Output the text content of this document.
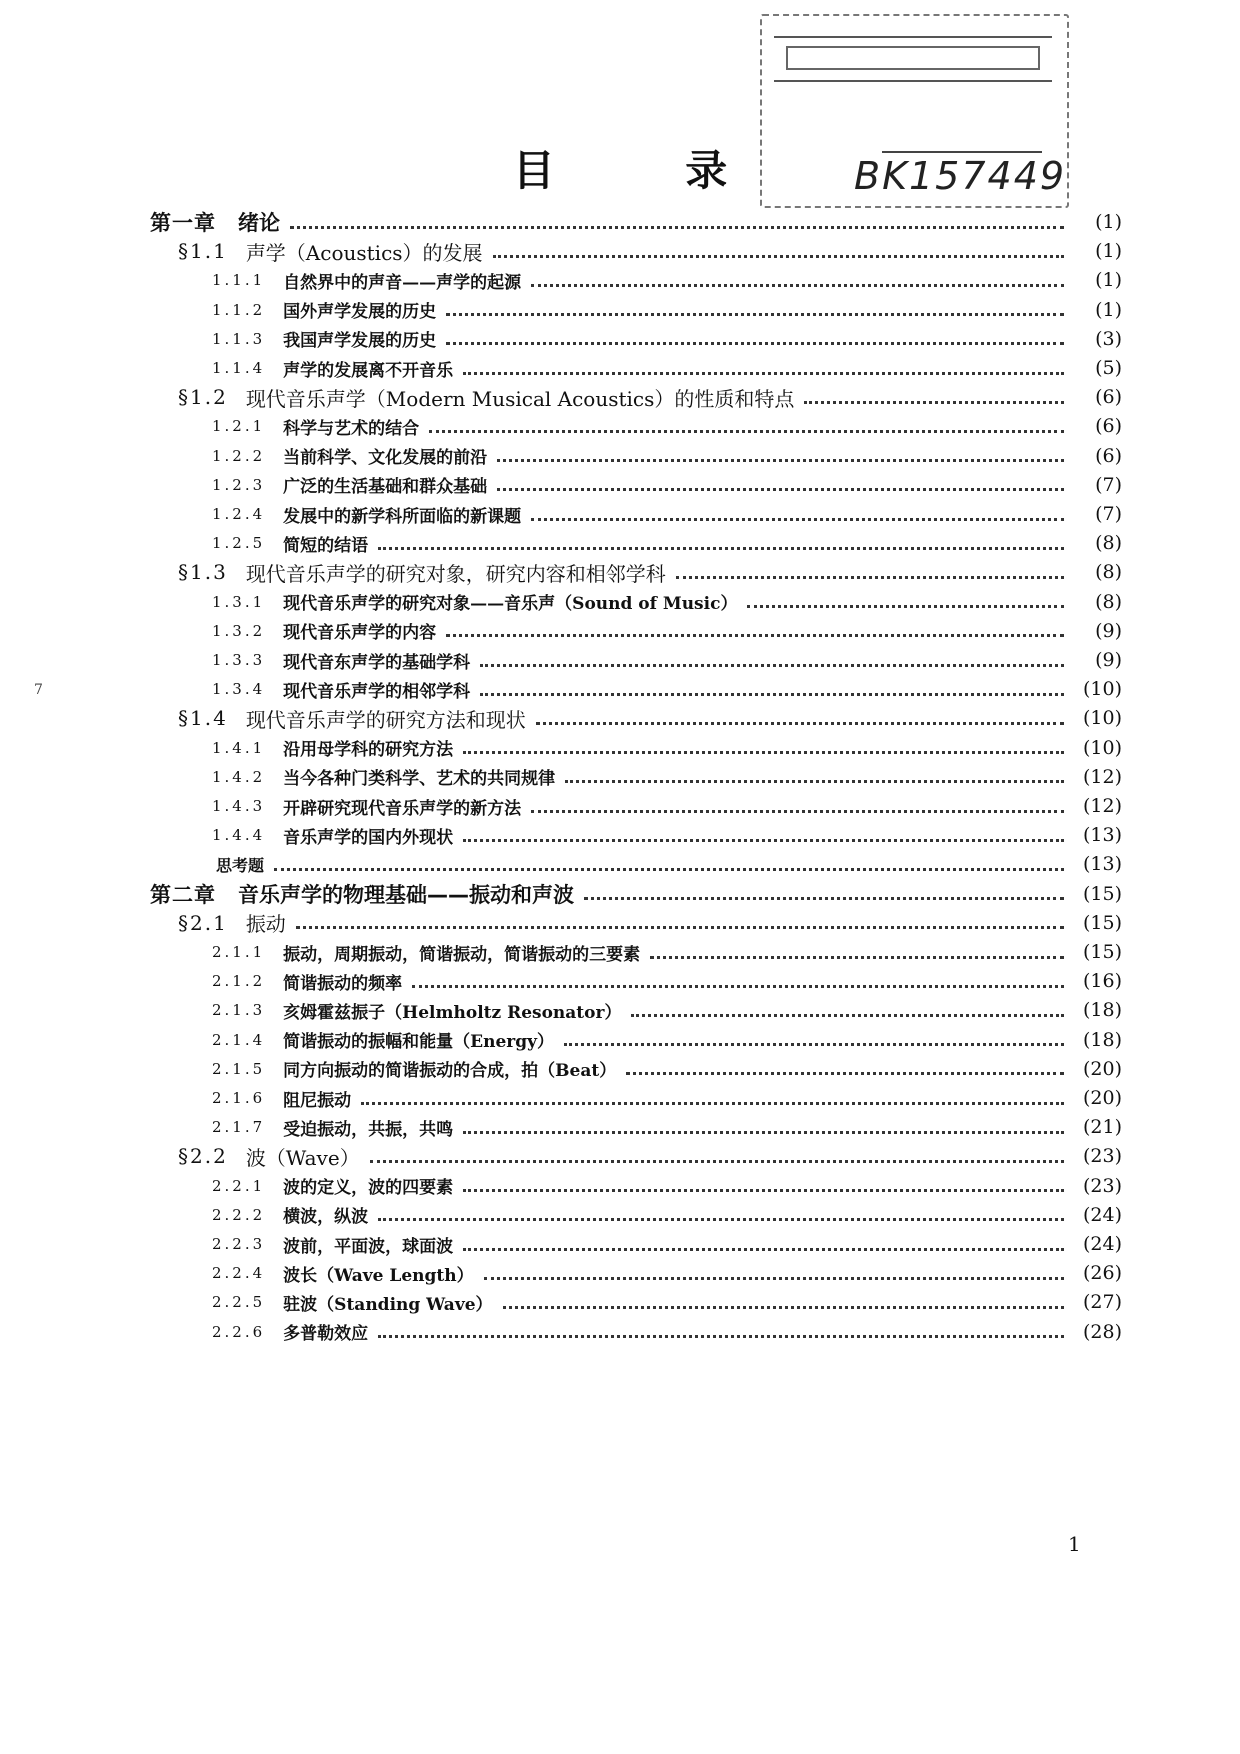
BK157449
目 录
7
第一章 绪论	(1)
§1.1 声学（Acoustics）的发展	(1)
1.1.1 自然界中的声音——声学的起源	(1)
1.1.2 国外声学发展的历史	(1)
1.1.3 我国声学发展的历史	(3)
1.1.4 声学的发展离不开音乐	(5)
§1.2 现代音乐声学（Modern Musical Acoustics）的性质和特点	(6)
1.2.1 科学与艺术的结合	(6)
1.2.2 当前科学、文化发展的前沿	(6)
1.2.3 广泛的生活基础和群众基础	(7)
1.2.4 发展中的新学科所面临的新课题	(7)
1.2.5 简短的结语	(8)
§1.3 现代音乐声学的研究对象，研究内容和相邻学科	(8)
1.3.1 现代音乐声学的研究对象——音乐声（Sound of Music）	(8)
1.3.2 现代音乐声学的内容	(9)
1.3.3 现代音东声学的基础学科	(9)
1.3.4 现代音乐声学的相邻学科	(10)
§1.4 现代音乐声学的研究方法和现状	(10)
1.4.1 沿用母学科的研究方法	(10)
1.4.2 当今各种门类科学、艺术的共同规律	(12)
1.4.3 开辟研究现代音乐声学的新方法	(12)
1.4.4 音乐声学的国内外现状	(13)
思考题	(13)
第二章 音乐声学的物理基础——振动和声波	(15)
§2.1 振动	(15)
2.1.1 振动，周期振动，简谐振动，简谐振动的三要素	(15)
2.1.2 简谐振动的频率	(16)
2.1.3 亥姆霍兹振子（Helmholtz Resonator）	(18)
2.1.4 简谐振动的振幅和能量（Energy）	(18)
2.1.5 同方向振动的简谐振动的合成，拍（Beat）	(20)
2.1.6 阻尼振动	(20)
2.1.7 受迫振动，共振，共鸣	(21)
§2.2 波（Wave）	(23)
2.2.1 波的定义，波的四要素	(23)
2.2.2 横波，纵波	(24)
2.2.3 波前，平面波，球面波	(24)
2.2.4 波长（Wave Length）	(26)
2.2.5 驻波（Standing Wave）	(27)
2.2.6 多普勒效应	(28)
1
